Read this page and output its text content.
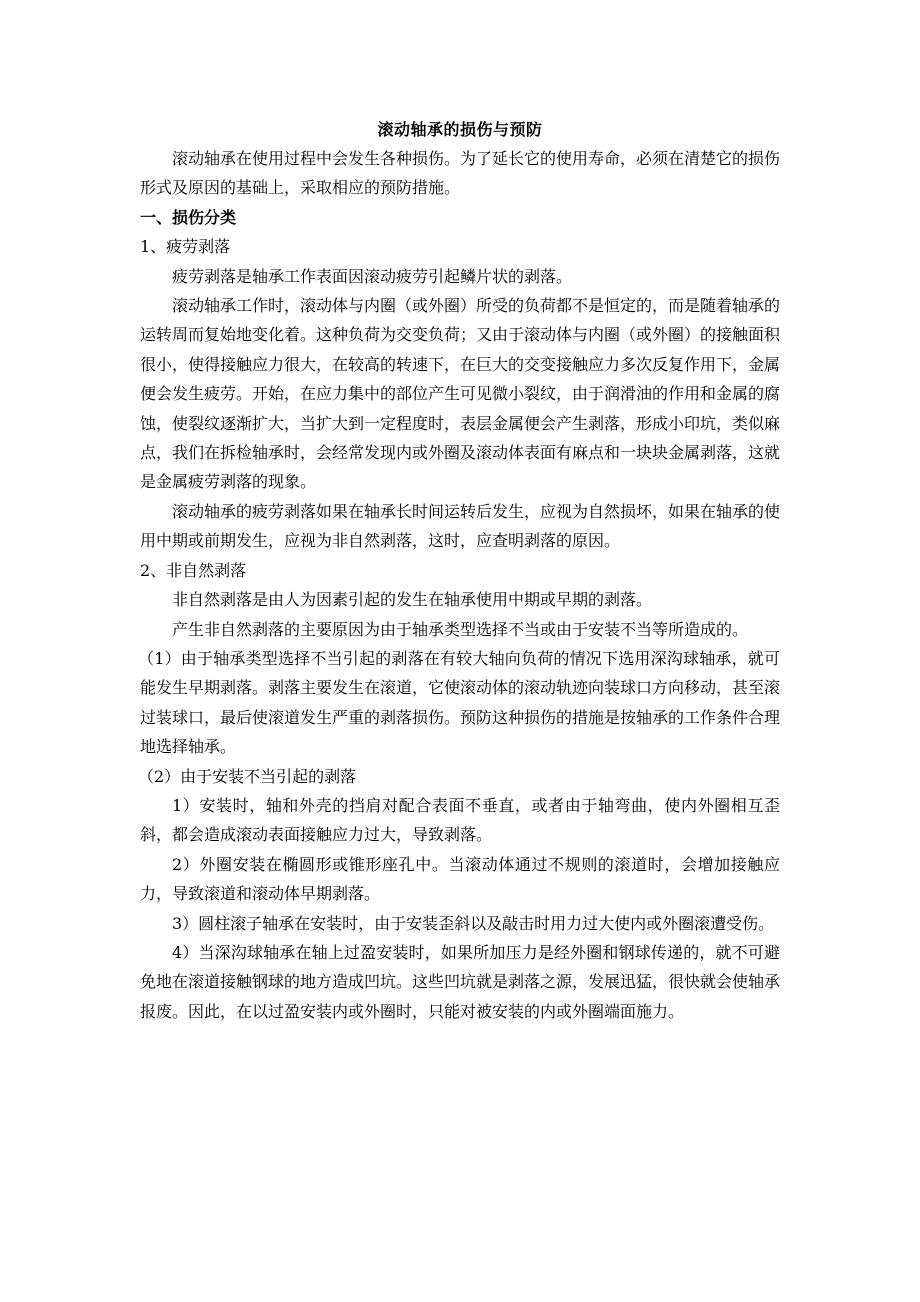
滚动轴承的损伤与预防

滚动轴承在使用过程中会发生各种损伤。为了延长它的使用寿命，必须在清楚它的损伤形式及原因的基础上，采取相应的预防措施。

一、损伤分类
1、疲劳剥落

疲劳剥落是轴承工作表面因滚动疲劳引起鳞片状的剥落。

滚动轴承工作时，滚动体与内圈（或外圈）所受的负荷都不是恒定的，而是随着轴承的运转周而复始地变化着。这种负荷为交变负荷；又由于滚动体与内圈（或外圈）的接触面积很小，使得接触应力很大，在较高的转速下，在巨大的交变接触应力多次反复作用下，金属便会发生疲劳。开始，在应力集中的部位产生可见微小裂纹，由于润滑油的作用和金属的腐蚀，使裂纹逐渐扩大，当扩大到一定程度时，表层金属便会产生剥落，形成小印坑，类似麻点，我们在拆检轴承时，会经常发现内或外圈及滚动体表面有麻点和一块块金属剥落，这就是金属疲劳剥落的现象。

滚动轴承的疲劳剥落如果在轴承长时间运转后发生，应视为自然损坏，如果在轴承的使用中期或前期发生，应视为非自然剥落，这时，应查明剥落的原因。

2、非自然剥落

非自然剥落是由人为因素引起的发生在轴承使用中期或早期的剥落。

产生非自然剥落的主要原因为由于轴承类型选择不当或由于安装不当等所造成的。

（1）由于轴承类型选择不当引起的剥落在有较大轴向负荷的情况下选用深沟球轴承，就可能发生早期剥落。剥落主要发生在滚道，它使滚动体的滚动轨迹向装球口方向移动，甚至滚过装球口，最后使滚道发生严重的剥落损伤。预防这种损伤的措施是按轴承的工作条件合理地选择轴承。

（2）由于安装不当引起的剥落

1）安装时，轴和外壳的挡肩对配合表面不垂直，或者由于轴弯曲，使内外圈相互歪斜，都会造成滚动表面接触应力过大，导致剥落。

2）外圈安装在椭圆形或锥形座孔中。当滚动体通过不规则的滚道时，会增加接触应力，导致滚道和滚动体早期剥落。

3）圆柱滚子轴承在安装时，由于安装歪斜以及敲击时用力过大使内或外圈滚遭受伤。

4）当深沟球轴承在轴上过盈安装时，如果所加压力是经外圈和钢球传递的，就不可避免地在滚道接触钢球的地方造成凹坑。这些凹坑就是剥落之源，发展迅猛，很快就会使轴承报废。因此，在以过盈安装内或外圈时，只能对被安装的内或外圈端面施力。
